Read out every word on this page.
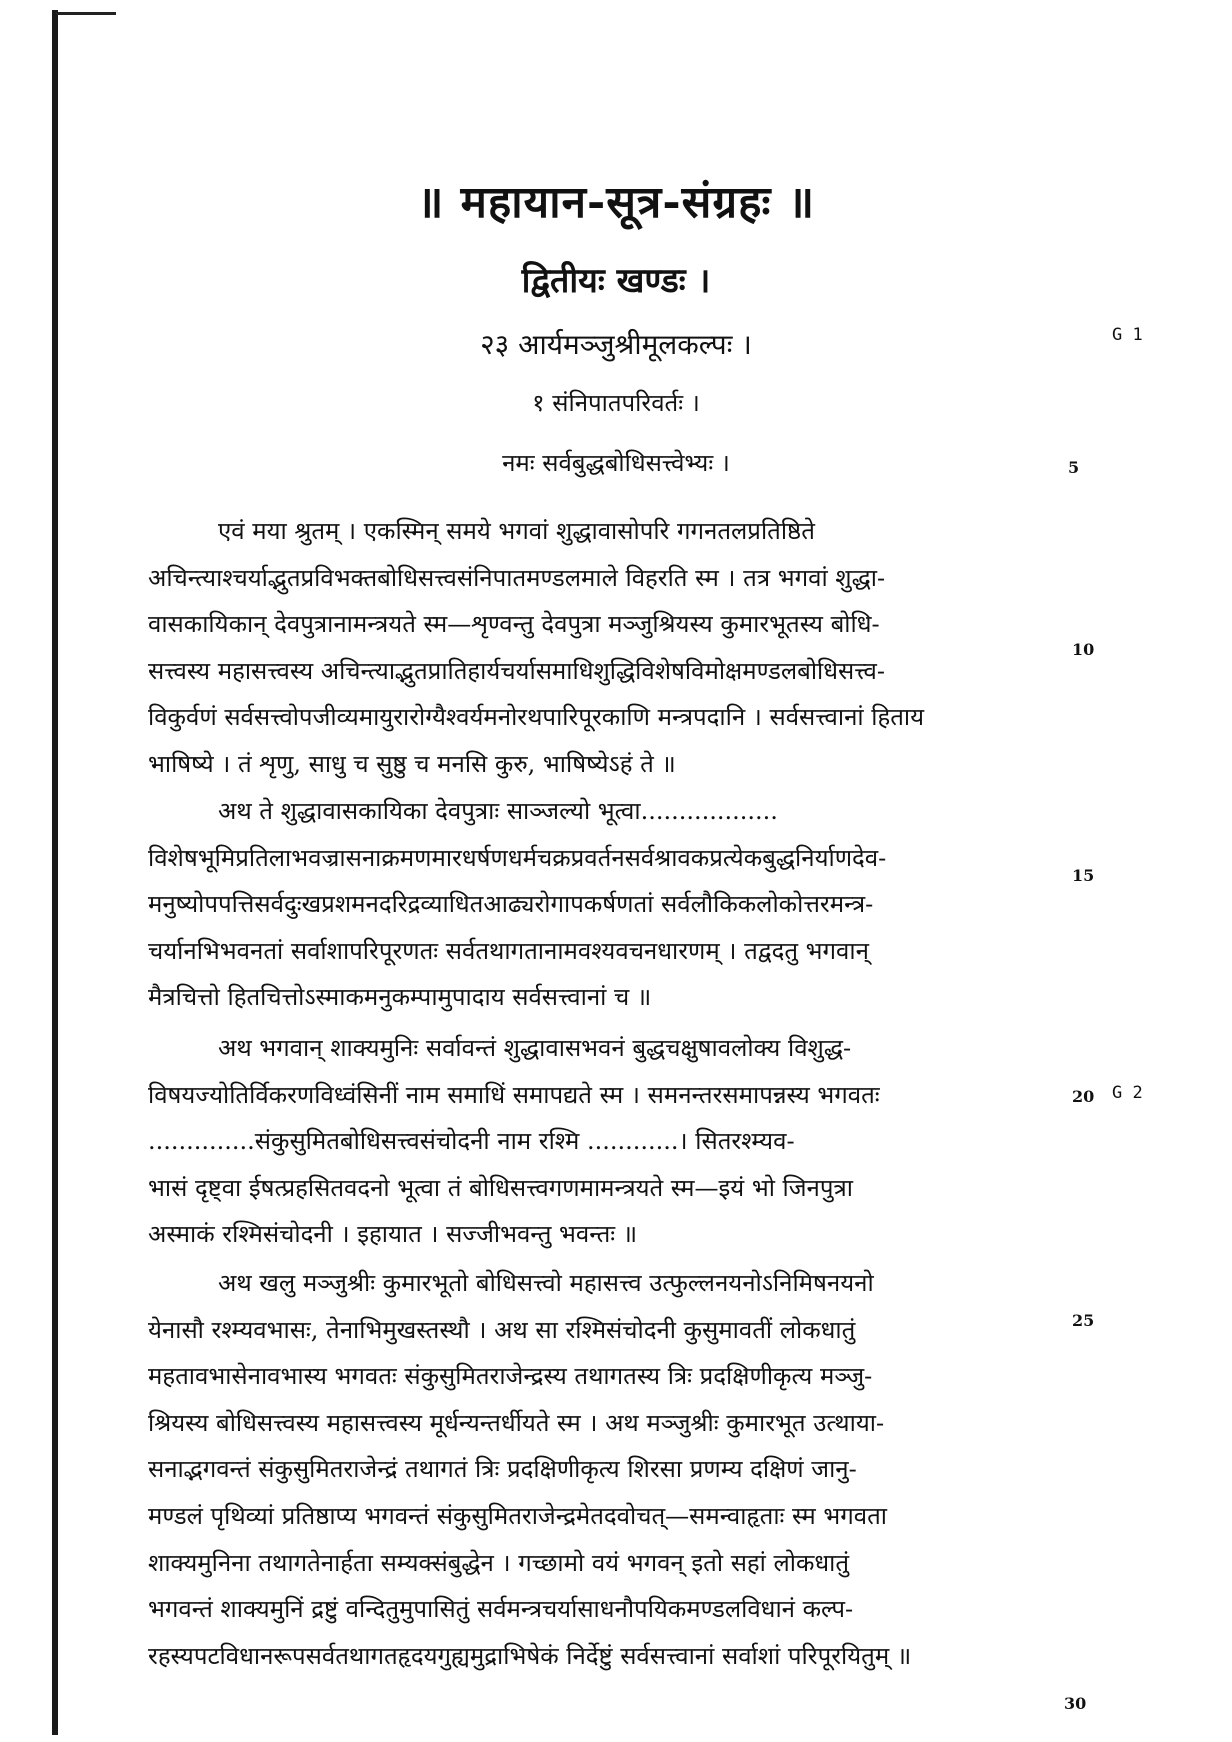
॥ महायान-सूत्र-संग्रहः ॥
द्वितीयः खण्डः ।
२३ आर्यमञ्जुश्रीमूलकल्पः ।
१ संनिपातपरिवर्तः ।
नमः सर्वबुद्धबोधिसत्त्वेभ्यः ।
G 1
G 2
5
10
15
20
25
30
एवं मया श्रुतम् । एकस्मिन् समये भगवां शुद्धावासोपरि गगनतलप्रतिष्ठिते
अचिन्त्याश्चर्याद्भुतप्रविभक्तबोधिसत्त्वसंनिपातमण्डलमाले विहरति स्म । तत्र भगवां शुद्धा-
वासकायिकान् देवपुत्रानामन्त्रयते स्म—शृण्वन्तु देवपुत्रा मञ्जुश्रियस्य कुमारभूतस्य बोधि-
सत्त्वस्य महासत्त्वस्य अचिन्त्याद्भुतप्रातिहार्यचर्यासमाधिशुद्धिविशेषविमोक्षमण्डलबोधिसत्त्व-
विकुर्वणं सर्वसत्त्वोपजीव्यमायुरारोग्यैश्वर्यमनोरथपारिपूरकाणि मन्त्रपदानि । सर्वसत्त्वानां हिताय
भाषिष्ये । तं शृणु, साधु च सुष्ठु च मनसि कुरु, भाषिष्येऽहं ते ॥
अथ ते शुद्धावासकायिका देवपुत्राः साञ्जल्यो भूत्वा..................
विशेषभूमिप्रतिलाभवज्रासनाक्रमणमारधर्षणधर्मचक्रप्रवर्तनसर्वश्रावकप्रत्येकबुद्धनिर्याणदेव-
मनुष्योपपत्तिसर्वदुःखप्रशमनदरिद्रव्याधितआढ्यरोगापकर्षणतां सर्वलौकिकलोकोत्तरमन्त्र-
चर्यानभिभवनतां सर्वाशापरिपूरणतः सर्वतथागतानामवश्यवचनधारणम् । तद्वदतु भगवान्
मैत्रचित्तो हितचित्तोऽस्माकमनुकम्पामुपादाय सर्वसत्त्वानां च ॥
अथ भगवान् शाक्यमुनिः सर्वावन्तं शुद्धावासभवनं बुद्धचक्षुषावलोक्य विशुद्ध-
विषयज्योतिर्विकरणविध्वंसिनीं नाम समाधिं समापद्यते स्म । समनन्तरसमापन्नस्य भगवतः
..............संकुसुमितबोधिसत्त्वसंचोदनी नाम रश्मि ............। सितरश्म्यव-
भासं दृष्ट्वा ईषत्प्रहसितवदनो भूत्वा तं बोधिसत्त्वगणमामन्त्रयते स्म—इयं भो जिनपुत्रा
अस्माकं रश्मिसंचोदनी । इहायात । सज्जीभवन्तु भवन्तः ॥
अथ खलु मञ्जुश्रीः कुमारभूतो बोधिसत्त्वो महासत्त्व उत्फुल्लनयनोऽनिमिषनयनो
येनासौ रश्म्यवभासः, तेनाभिमुखस्तस्थौ । अथ सा रश्मिसंचोदनी कुसुमावतीं लोकधातुं
महतावभासेनावभास्य भगवतः संकुसुमितराजेन्द्रस्य तथागतस्य त्रिः प्रदक्षिणीकृत्य मञ्जु-
श्रियस्य बोधिसत्त्वस्य महासत्त्वस्य मूर्धन्यन्तर्धीयते स्म । अथ मञ्जुश्रीः कुमारभूत उत्थाया-
सनाद्भगवन्तं संकुसुमितराजेन्द्रं तथागतं त्रिः प्रदक्षिणीकृत्य शिरसा प्रणम्य दक्षिणं जानु-
मण्डलं पृथिव्यां प्रतिष्ठाप्य भगवन्तं संकुसुमितराजेन्द्रमेतदवोचत्—समन्वाहृताः स्म भगवता
शाक्यमुनिना तथागतेनार्हता सम्यक्संबुद्धेन । गच्छामो वयं भगवन् इतो सहां लोकधातुं
भगवन्तं शाक्यमुनिं द्रष्टुं वन्दितुमुपासितुं सर्वमन्त्रचर्यासाधनौपयिकमण्डलविधानं कल्प-
रहस्यपटविधानरूपसर्वतथागतहृदयगुह्यमुद्राभिषेकं निर्देष्टुं सर्वसत्त्वानां सर्वाशां परिपूरयितुम् ॥
